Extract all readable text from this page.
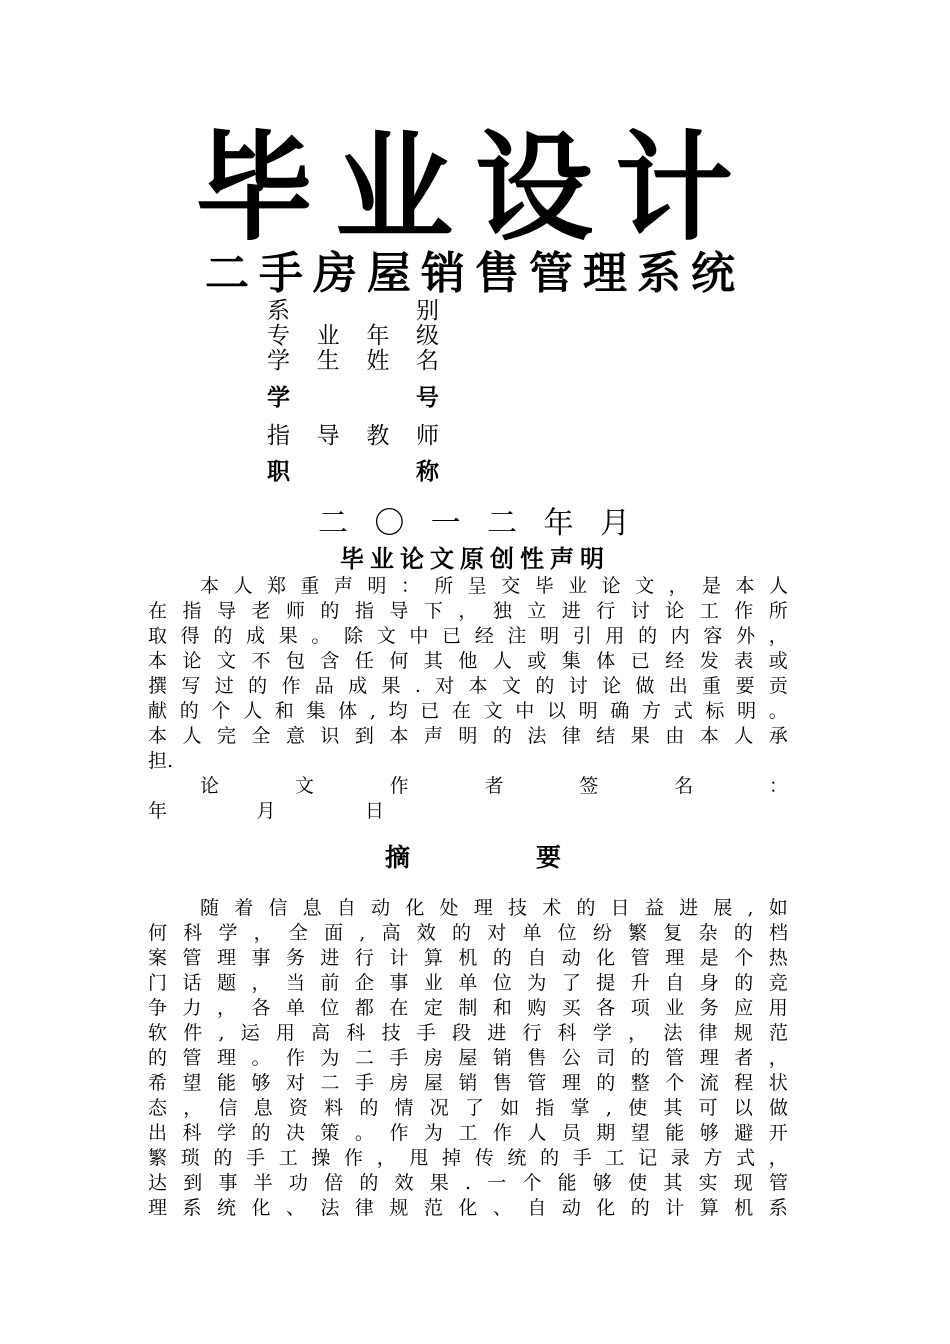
毕业设计
二手房屋销售管理系统
系	别
专 业 年 级
学 生 姓 名
学	号
指 导 教 师
职	称
二 〇 一 二 年 月
毕业论文原创性声明
本 人 郑 重 声 明 ： 所 呈 交 毕 业 论 文 ， 是 本 人
在 指 导 老 师 的 指 导 下 ， 独 立 进 行 讨 论 工 作 所
取 得 的 成 果 。 除 文 中 已 经 注 明 引 用 的 内 容 外 ，
本 论 文 不 包 含 任 何 其 他 人 或 集 体 已 经 发 表 或
撰 写 过 的 作 品 成 果 . 对 本 文 的 讨 论 做 出 重 要 贡
献 的 个 人 和 集 体 , 均 已 在 文 中 以 明 确 方 式 标 明 。
本 人 完 全 意 识 到 本 声 明 的 法 律 结 果 由 本 人 承
担 .
论	文	作	者	签	名	：
年	月	日
摘	要
随 着 信 息 自 动 化 处 理 技 术 的 日 益 进 展 , 如
何 科 学 ， 全 面 , 高 效 的 对 单 位 纷 繁 复 杂 的 档
案 管 理 事 务 进 行 计 算 机 的 自 动 化 管 理 是 个 热
门 话 题 ， 当 前 企 事 业 单 位 为 了 提 升 自 身 的 竞
争 力 ， 各 单 位 都 在 定 制 和 购 买 各 项 业 务 应 用
软 件 , 运 用 高 科 技 手 段 进 行 科 学 ， 法 律 规 范
的 管 理 。 作 为 二 手 房 屋 销 售 公 司 的 管 理 者 ，
希 望 能 够 对 二 手 房 屋 销 售 管 理 的 整 个 流 程 状
态 ， 信 息 资 料 的 情 况 了 如 指 掌 , 使 其 可 以 做
出 科 学 的 决 策 。 作 为 工 作 人 员 期 望 能 够 避 开
繁 琐 的 手 工 操 作 ， 甩 掉 传 统 的 手 工 记 录 方 式 ，
达 到 事 半 功 倍 的 效 果 . 一 个 能 够 使 其 实 现 管
理 系 统 化 、 法 律 规 范 化 、 自 动 化 的 计 算 机 系
